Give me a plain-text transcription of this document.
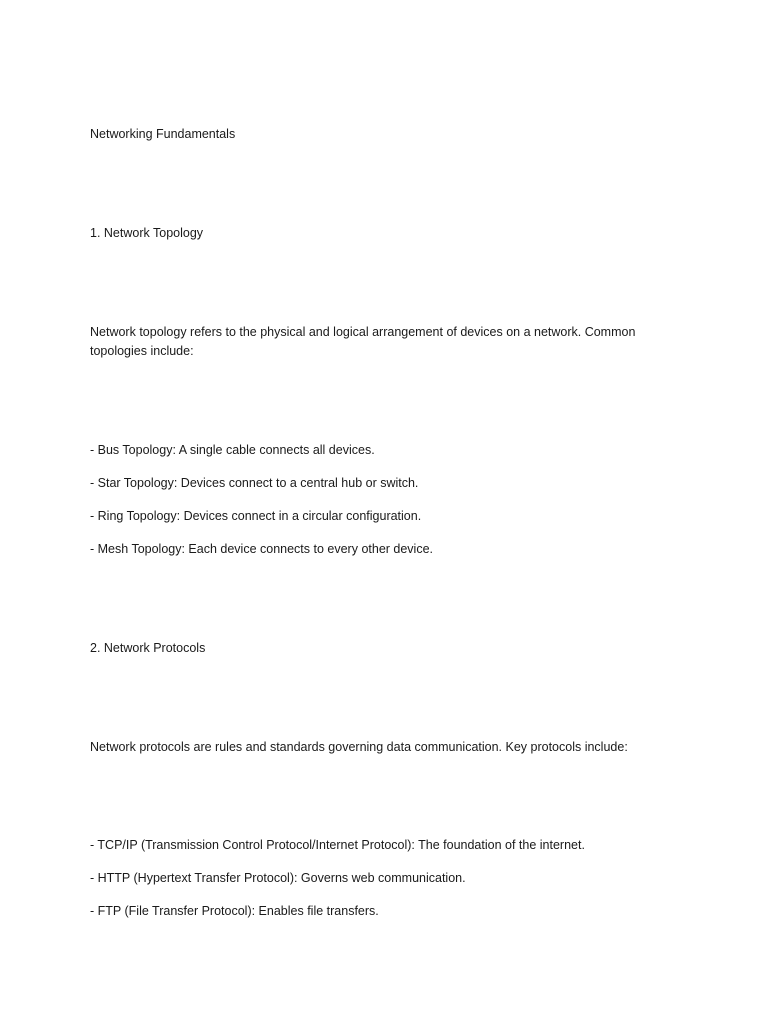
Networking Fundamentals

1. Network Topology

Network topology refers to the physical and logical arrangement of devices on a network. Common topologies include:

- Bus Topology: A single cable connects all devices.

- Star Topology: Devices connect to a central hub or switch.

- Ring Topology: Devices connect in a circular configuration.

- Mesh Topology: Each device connects to every other device.

2. Network Protocols

Network protocols are rules and standards governing data communication. Key protocols include:

- TCP/IP (Transmission Control Protocol/Internet Protocol): The foundation of the internet.

- HTTP (Hypertext Transfer Protocol): Governs web communication.

- FTP (File Transfer Protocol): Enables file transfers.
